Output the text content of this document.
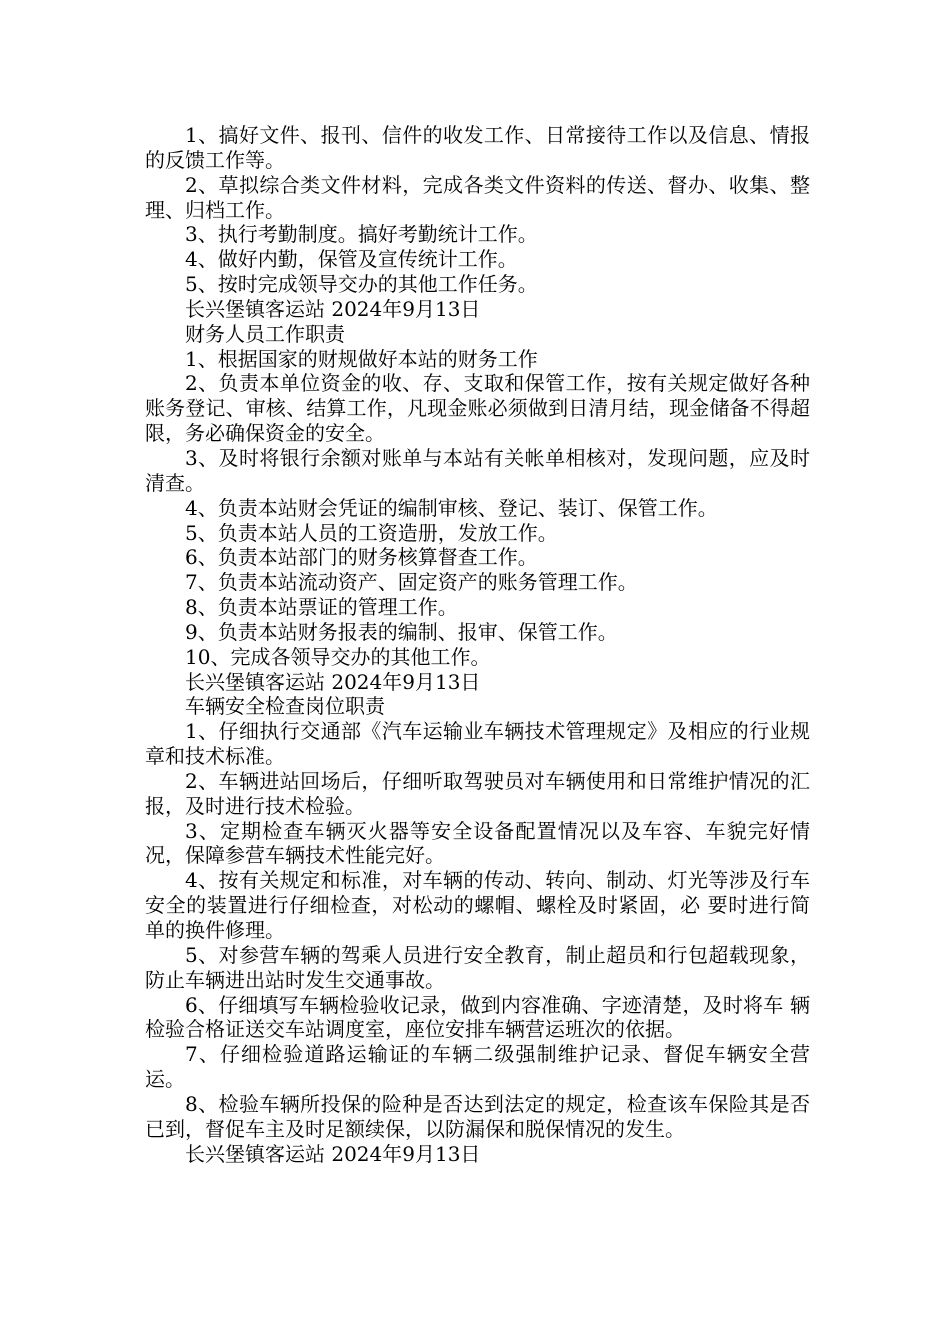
1、搞好文件、报刊、信件的收发工作、日常接待工作以及信息、情报的反馈工作等。

2、草拟综合类文件材料，完成各类文件资料的传送、督办、收集、整理、归档工作。

3、执行考勤制度。搞好考勤统计工作。

4、做好内勤，保管及宣传统计工作。

5、按时完成领导交办的其他工作任务。

长兴堡镇客运站 2024年9月13日

财务人员工作职责

1、根据国家的财规做好本站的财务工作

2、负责本单位资金的收、存、支取和保管工作，按有关规定做好各种账务登记、审核、结算工作，凡现金账必须做到日清月结，现金储备不得超限，务必确保资金的安全。

3、及时将银行余额对账单与本站有关帐单相核对，发现问题，应及时清查。

4、负责本站财会凭证的编制审核、登记、装订、保管工作。

5、负责本站人员的工资造册，发放工作。

6、负责本站部门的财务核算督查工作。

7、负责本站流动资产、固定资产的账务管理工作。

8、负责本站票证的管理工作。

9、负责本站财务报表的编制、报审、保管工作。

10、完成各领导交办的其他工作。

长兴堡镇客运站 2024年9月13日

车辆安全检查岗位职责

1、仔细执行交通部《汽车运输业车辆技术管理规定》及相应的行业规章和技术标准。

2、车辆进站回场后，仔细听取驾驶员对车辆使用和日常维护情况的汇报，及时进行技术检验。

3、定期检查车辆灭火器等安全设备配置情况以及车容、车貌完好情况，保障参营车辆技术性能完好。

4、按有关规定和标准，对车辆的传动、转向、制动、灯光等涉及行车安全的装置进行仔细检查，对松动的螺帽、螺栓及时紧固，必 要时进行简单的换件修理。

5、对参营车辆的驾乘人员进行安全教育，制止超员和行包超载现象，防止车辆进出站时发生交通事故。

6、仔细填写车辆检验收记录，做到内容准确、字迹清楚，及时将车 辆检验合格证送交车站调度室，座位安排车辆营运班次的依据。

7、仔细检验道路运输证的车辆二级强制维护记录、督促车辆安全营运。

8、检验车辆所投保的险种是否达到法定的规定，检查该车保险其是否已到，督促车主及时足额续保，以防漏保和脱保情况的发生。

长兴堡镇客运站 2024年9月13日
